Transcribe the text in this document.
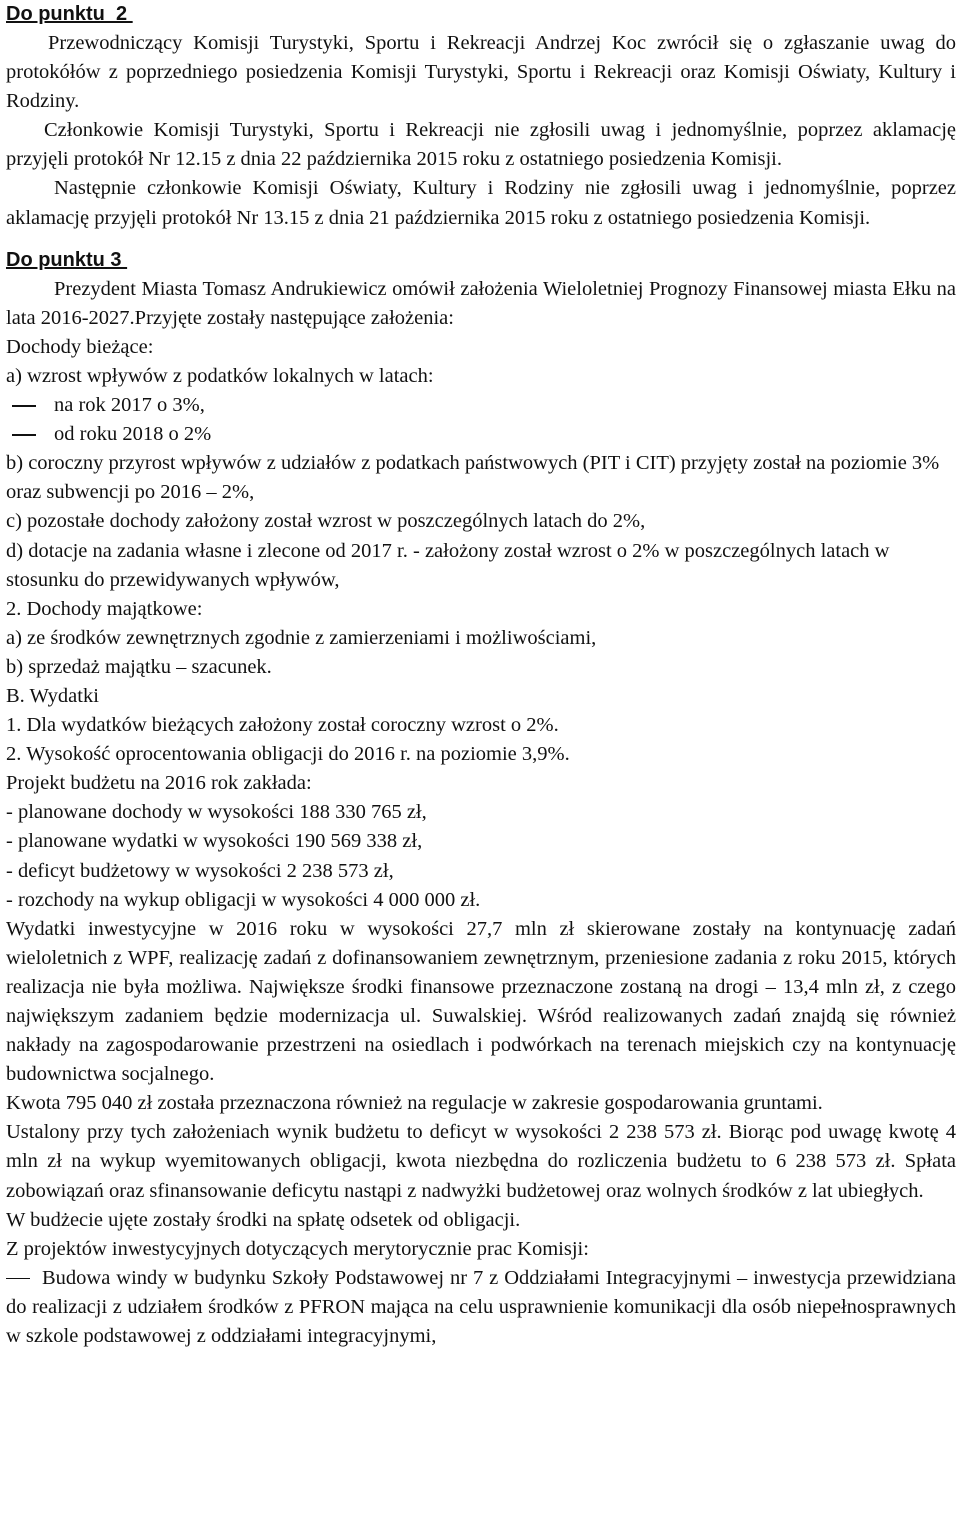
Do punktu  2

Przewodniczący Komisji Turystyki, Sportu i Rekreacji Andrzej Koc zwrócił się o zgłaszanie uwag do protokółów z poprzedniego posiedzenia Komisji Turystyki, Sportu i Rekreacji oraz Komisji Oświaty, Kultury i Rodziny.

Członkowie Komisji Turystyki, Sportu i Rekreacji nie zgłosili uwag i jednomyślnie, poprzez aklamację przyjęli protokół Nr 12.15 z dnia 22 października 2015 roku z ostatniego posiedzenia Komisji.

Następnie członkowie Komisji Oświaty, Kultury i Rodziny nie zgłosili uwag i jednomyślnie, poprzez aklamację przyjęli protokół Nr 13.15 z dnia 21 października 2015 roku z ostatniego posiedzenia Komisji.

Do punktu 3

Prezydent Miasta Tomasz Andrukiewicz omówił założenia Wieloletniej Prognozy Finansowej miasta Ełku na lata 2016-2027.Przyjęte zostały następujące założenia:

Dochody bieżące:
a) wzrost wpływów z podatków lokalnych w latach:
na rok 2017 o 3%,
od roku 2018 o 2%

b) coroczny przyrost wpływów z udziałów z podatkach państwowych (PIT i CIT) przyjęty został na poziomie 3% oraz subwencji po 2016 – 2%,

c) pozostałe dochody założony został wzrost w poszczególnych latach do 2%,

d) dotacje na zadania własne i zlecone od 2017 r. - założony został wzrost o 2% w poszczególnych latach w stosunku do przewidywanych wpływów,

2. Dochody majątkowe:
a) ze środków zewnętrznych zgodnie z zamierzeniami i możliwościami,
b) sprzedaż majątku – szacunek.
B. Wydatki
1. Dla wydatków bieżących założony został coroczny wzrost o 2%.
2. Wysokość oprocentowania obligacji do 2016 r. na poziomie 3,9%.
Projekt budżetu na 2016 rok zakłada:
- planowane dochody w wysokości 188 330 765 zł,
- planowane wydatki w wysokości 190 569 338 zł,
- deficyt budżetowy w wysokości 2 238 573 zł,
- rozchody na wykup obligacji w wysokości 4 000 000 zł.

Wydatki inwestycyjne w 2016 roku w wysokości 27,7 mln zł skierowane zostały na kontynuację zadań wieloletnich z WPF, realizację zadań z dofinansowaniem zewnętrznym, przeniesione zadania z roku 2015, których realizacja nie była możliwa. Największe środki finansowe przeznaczone zostaną na drogi – 13,4 mln zł, z czego największym zadaniem będzie modernizacja ul. Suwalskiej. Wśród realizowanych zadań znajdą się również nakłady na zagospodarowanie przestrzeni na osiedlach i podwórkach na terenach miejskich czy na kontynuację budownictwa socjalnego.

Kwota 795 040 zł została przeznaczona również na regulacje w zakresie gospodarowania gruntami.

Ustalony przy tych założeniach wynik budżetu to deficyt w wysokości 2 238 573 zł. Biorąc pod uwagę kwotę 4 mln zł na wykup wyemitowanych obligacji, kwota niezbędna do rozliczenia budżetu to 6 238 573 zł. Spłata zobowiązań oraz sfinansowanie deficytu nastąpi z nadwyżki budżetowej oraz wolnych środków z lat ubiegłych.

W budżecie ujęte zostały środki na spłatę odsetek od obligacji.
Z projektów inwestycyjnych dotyczących merytorycznie prac Komisji:

Budowa windy w budynku Szkoły Podstawowej nr 7 z Oddziałami Integracyjnymi – inwestycja przewidziana do realizacji z udziałem środków z PFRON mająca na celu usprawnienie komunikacji dla osób niepełnosprawnych w szkole podstawowej z oddziałami integracyjnymi,
